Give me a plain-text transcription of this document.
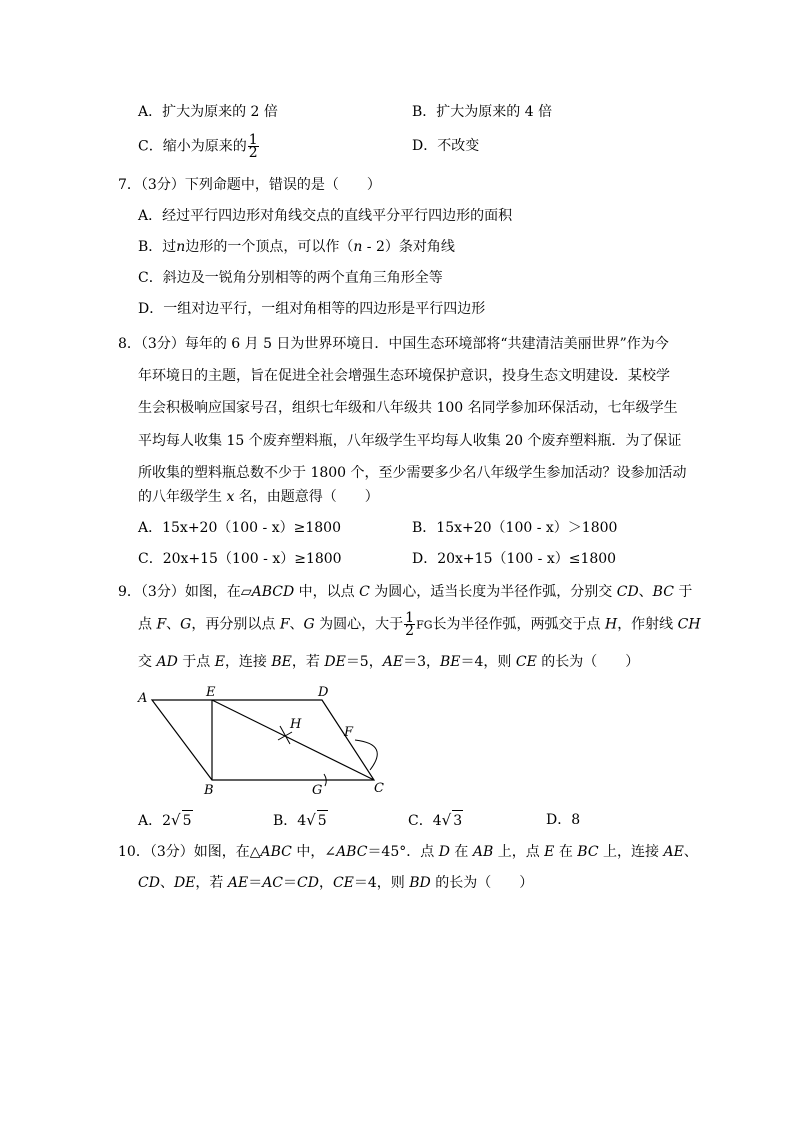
A．扩大为原来的 2 倍	B．扩大为原来的 4 倍
C．缩小为原来的 $\frac{1}{2}$	D．不改变
7．（3分）下列命题中，错误的是（　　）
A．经过平行四边形对角线交点的直线平分平行四边形的面积
B．过n边形的一个顶点，可以作（n - 2）条对角线
C．斜边及一锐角分别相等的两个直角三角形全等
D．一组对边平行，一组对角相等的四边形是平行四边形
8．（3分）每年的 6 月 5 日为世界环境日．中国生态环境部将“共建清洁美丽世界”作为今
年环境日的主题，旨在促进全社会增强生态环境保护意识，投身生态文明建设．某校学
生会积极响应国家号召，组织七年级和八年级共 100 名同学参加环保活动，七年级学生
平均每人收集 15 个废弃塑料瓶，八年级学生平均每人收集 20 个废弃塑料瓶．为了保证
所收集的塑料瓶总数不少于 1800 个，至少需要多少名八年级学生参加活动？设参加活动
的八年级学生 x 名，由题意得（　　）
A．15x+20（100 - x）≥1800	B．15x+20（100 - x）＞1800
C．20x+15（100 - x）≥1800	D．20x+15（100 - x）≤1800
9．（3分）如图，在▱ABCD 中，以点 C 为圆心，适当长度为半径作弧，分别交 CD、BC 于
点 F、G，再分别以点 F、G 为圆心，大于 $\frac{1}{2}$ FG长为半径作弧，两弧交于点 H，作射线 CH
交 AD 于点 E，连接 BE，若 DE＝5，AE＝3，BE＝4，则 CE 的长为（　　）
A	E	D
H
F
B	G	C
A．2√ 5	B．4√ 5	C．4√ 3	D．8
10．（3分）如图，在△ABC 中，∠ABC＝45°．点 D 在 AB 上，点 E 在 BC 上，连接 AE、
CD、DE，若 AE＝AC＝CD，CE＝4，则 BD 的长为（　　）
